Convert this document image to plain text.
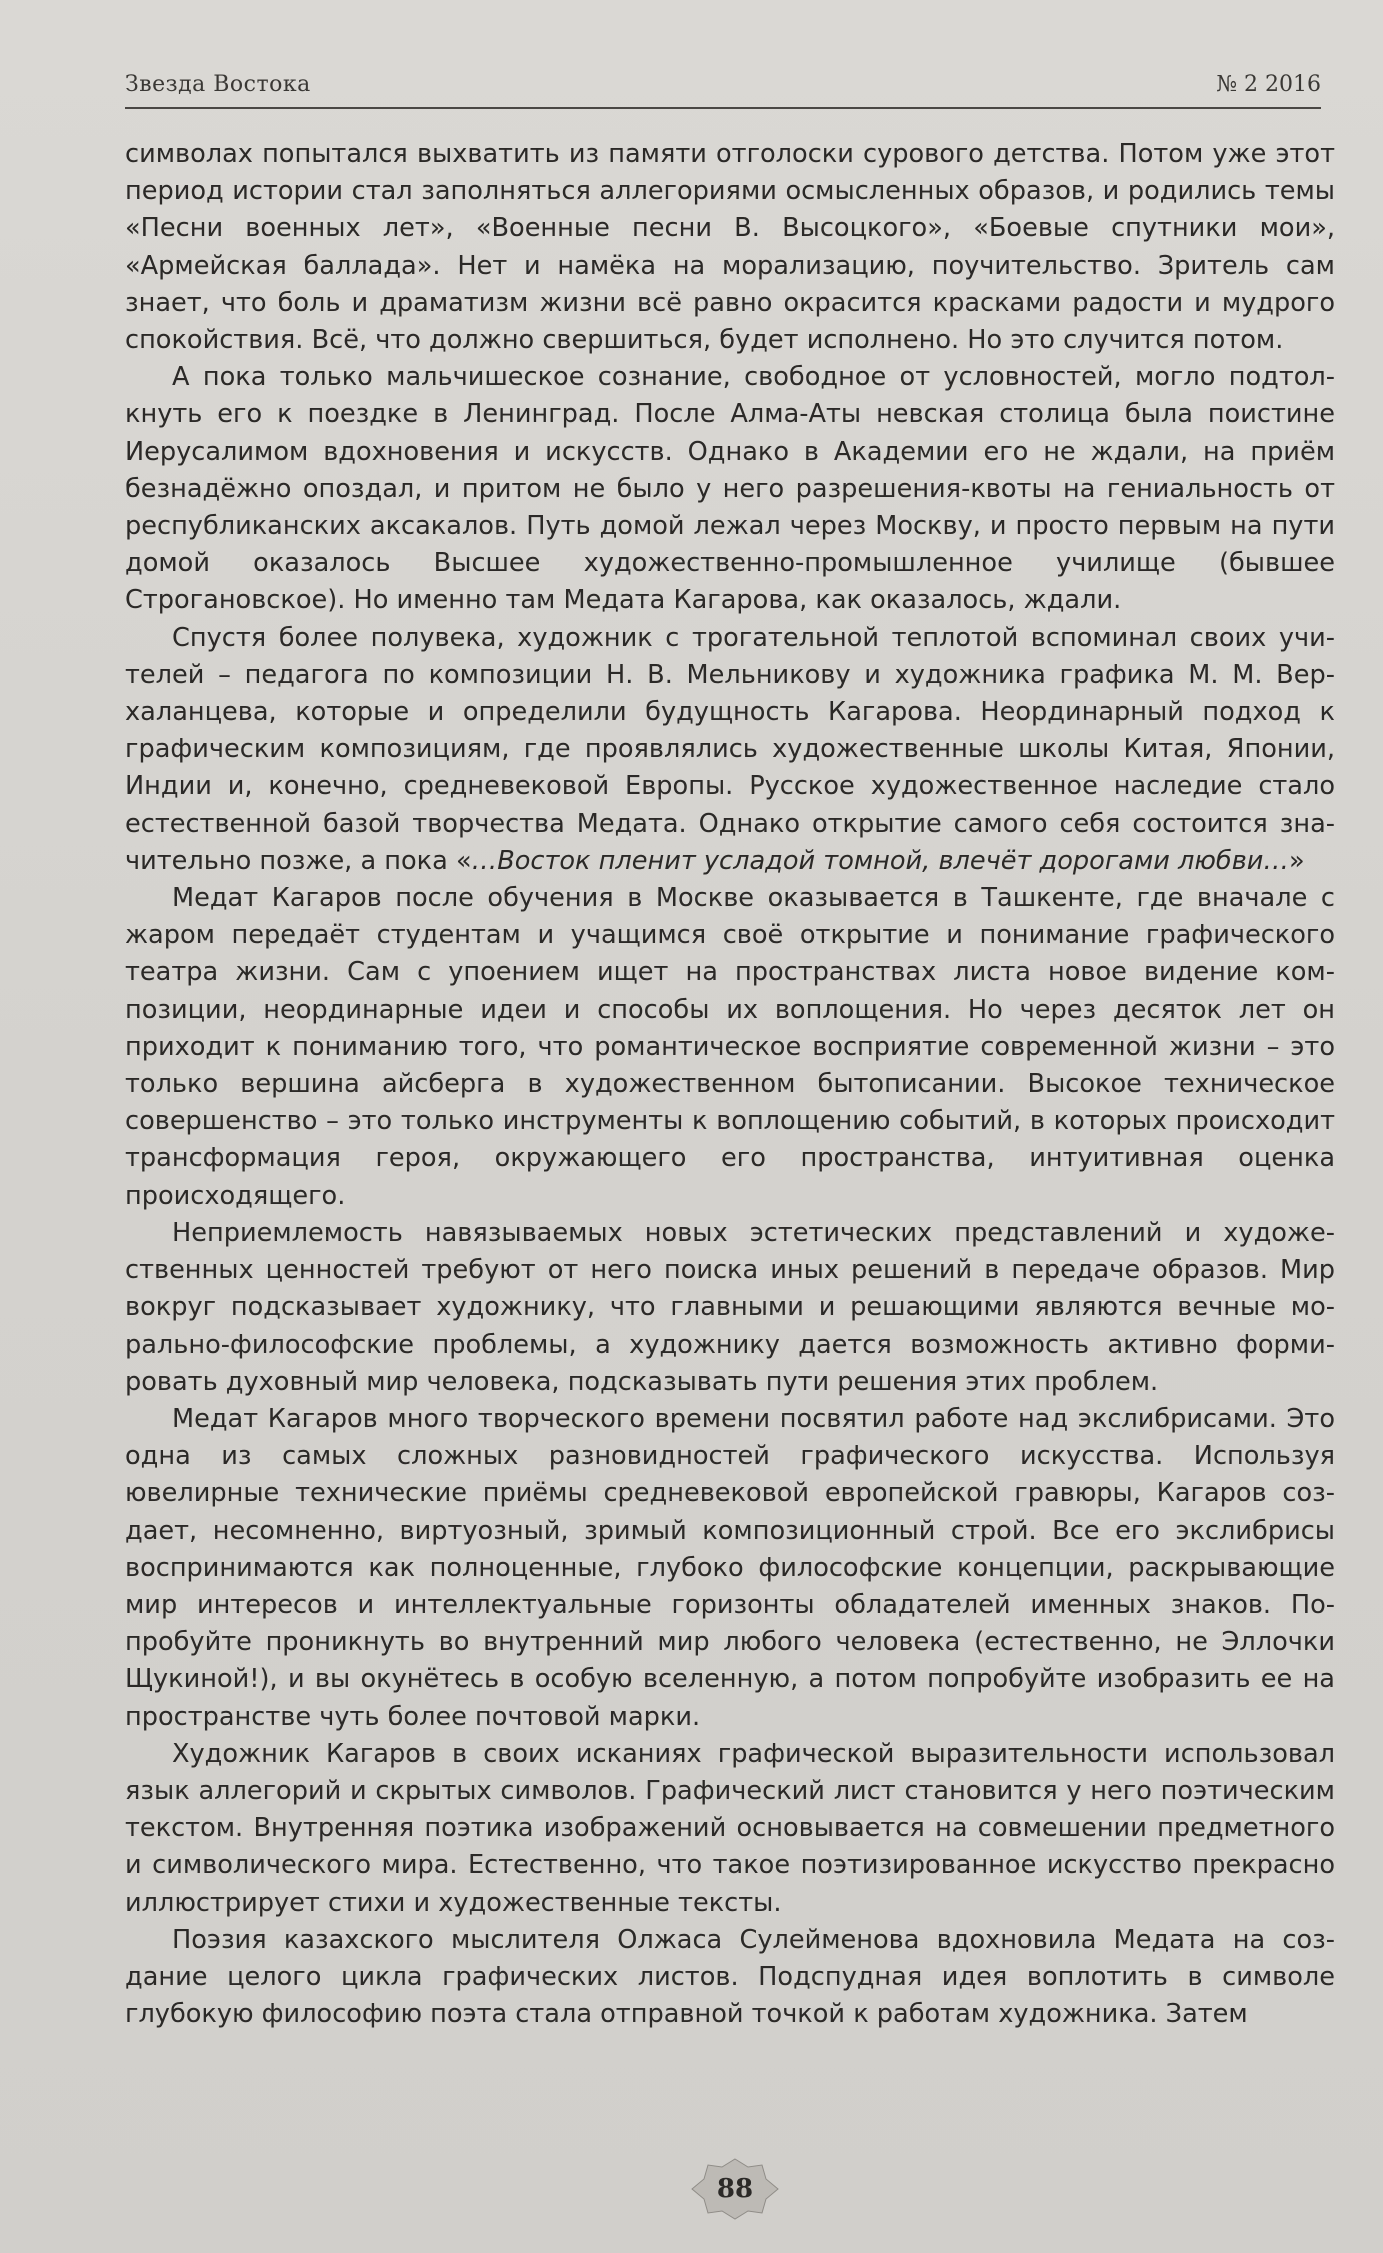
Звезда Востока	№ 2 2016

символах попытался выхватить из памяти отголоски сурового детства. Потом уже этот период истории стал заполняться аллегориями осмысленных образов, и родились темы «Песни военных лет», «Военные песни В. Высоцкого», «Боевые спутники мои», «Армейская баллада». Нет и намёка на морализацию, поучительство. Зритель сам знает, что боль и драматизм жизни всё равно окрасится красками радости и мудрого спокойствия. Всё, что должно свершиться, будет исполнено. Но это случится потом.

А пока только мальчишеское сознание, свободное от условностей, могло подтолкнуть его к поездке в Ленинград. После Алма-Аты невская столица была поистине Иерусалимом вдохновения и искусств. Однако в Академии его не ждали, на приём безнадёжно опоздал, и притом не было у него разрешения-квоты на гениальность от республиканских аксакалов. Путь домой лежал через Москву, и просто первым на пути домой оказалось Высшее художественно-промышленное училище (бывшее Строгановское). Но именно там Медата Кагарова, как оказалось, ждали.

Спустя более полувека, художник с трогательной теплотой вспоминал своих учителей – педагога по композиции Н. В. Мельникову и художника графика М. М. Верхаланцева, которые и определили будущность Кагарова. Неординарный подход к графическим композициям, где проявлялись художественные школы Китая, Японии, Индии и, конечно, средневековой Европы. Русское художественное наследие стало естественной базой творчества Медата. Однако открытие самого себя состоится значительно позже, а пока «…Восток пленит усладой томной, влечёт дорогами любви…»

Медат Кагаров после обучения в Москве оказывается в Ташкенте, где вначале с жаром передаёт студентам и учащимся своё открытие и понимание графического театра жизни. Сам с упоением ищет на пространствах листа новое видение композиции, неординарные идеи и способы их воплощения. Но через десяток лет он приходит к пониманию того, что романтическое восприятие современной жизни – это только вершина айсберга в художественном бытописании. Высокое техническое совершенство – это только инструменты к воплощению событий, в которых происходит трансформация героя, окружающего его пространства, интуитивная оценка происходящего.

Неприемлемость навязываемых новых эстетических представлений и художественных ценностей требуют от него поиска иных решений в передаче образов. Мир вокруг подсказывает художнику, что главными и решающими являются вечные морально-философские проблемы, а художнику дается возможность активно формировать духовный мир человека, подсказывать пути решения этих проблем.

Медат Кагаров много творческого времени посвятил работе над экслибрисами. Это одна из самых сложных разновидностей графического искусства. Используя ювелирные технические приёмы средневековой европейской гравюры, Кагаров создает, несомненно, виртуозный, зримый композиционный строй. Все его экслибрисы воспринимаются как полноценные, глубоко философские концепции, раскрывающие мир интересов и интеллектуальные горизонты обладателей именных знаков. Попробуйте проникнуть во внутренний мир любого человека (естественно, не Эллочки Щукиной!), и вы окунётесь в особую вселенную, а потом попробуйте изобразить ее на пространстве чуть более почтовой марки.

Художник Кагаров в своих исканиях графической выразительности использовал язык аллегорий и скрытых символов. Графический лист становится у него поэтическим текстом. Внутренняя поэтика изображений основывается на совмешении предметного и символического мира. Естественно, что такое поэтизированное искусство прекрасно иллюстрирует стихи и художественные тексты.

Поэзия казахского мыслителя Олжаса Сулейменова вдохновила Медата на создание целого цикла графических листов. Подспудная идея воплотить в символе глубокую философию поэта стала отправной точкой к работам художника. Затем

88
